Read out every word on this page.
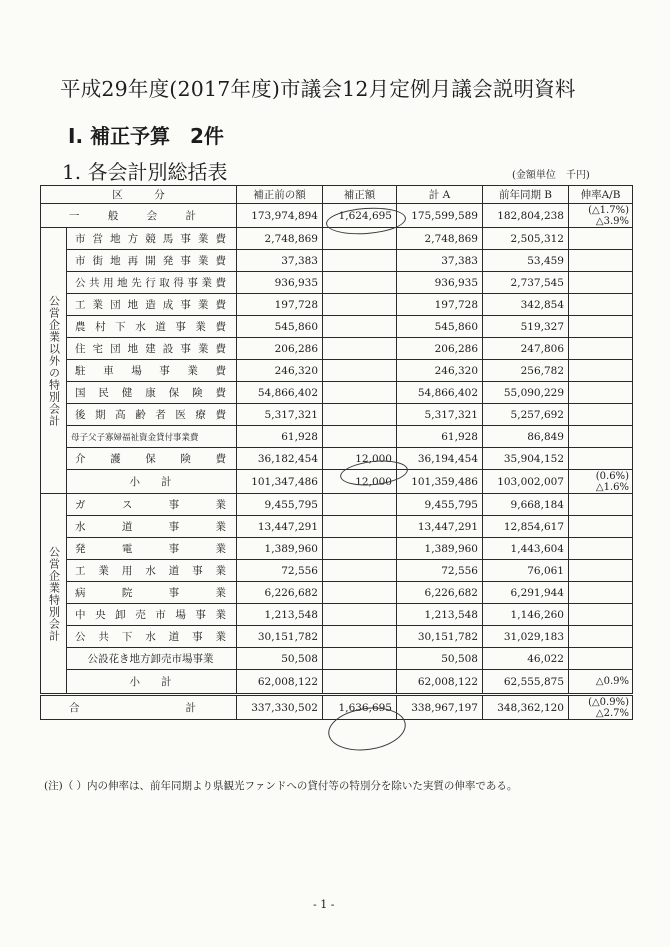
平成29年度(2017年度)市議会12月定例月議会説明資料
Ⅰ. 補正予算　2件
1. 各会計別総括表	(金額単位　千円)
区　　　分		補正前の額	補正額	計 A	前年同期 B	伸率A/B
一　般　会　計		173,974,894	1,624,695	175,599,589	182,804,238	(△1.7%)
△3.9%
公営企業以外の特別会計	市営地方競馬事業費	2,748,869		2,748,869	2,505,312	
	市街地再開発事業費	37,383		37,383	53,459	
	公共用地先行取得事業費	936,935		936,935	2,737,545	
	工業団地造成事業費	197,728		197,728	342,854	
	農村下水道事業費	545,860		545,860	519,327	
	住宅団地建設事業費	206,286		206,286	247,806	
	駐車場事業費	246,320		246,320	256,782	
	国民健康保険費	54,866,402		54,866,402	55,090,229	
	後期高齢者医療費	5,317,321		5,317,321	5,257,692	
	母子父子寡婦福祉資金貸付事業費	61,928		61,928	86,849	
	介護保険費	36,182,454	12,000	36,194,454	35,904,152	
	小　　計	101,347,486	12,000	101,359,486	103,002,007	(0.6%)
△1.6%
公営企業特別会計	ガス事業	9,455,795		9,455,795	9,668,184	
	水道事業	13,447,291		13,447,291	12,854,617	
	発電事業	1,389,960		1,389,960	1,443,604	
	工業用水道事業	72,556		72,556	76,061	
	病院事業	6,226,682		6,226,682	6,291,944	
	中央卸売市場事業	1,213,548		1,213,548	1,146,260	
	公共下水道事業	30,151,782		30,151,782	31,029,183	
	公設花き地方卸売市場事業	50,508		50,508	46,022	
	小　　計	62,008,122		62,008,122	62,555,875	△0.9%
合　　計		337,330,502	1,636,695	338,967,197	348,362,120	(△0.9%)
△2.7%
(注)（ ）内の伸率は、前年同期より県観光ファンドへの貸付等の特別分を除いた実質の伸率である。
- 1 -
